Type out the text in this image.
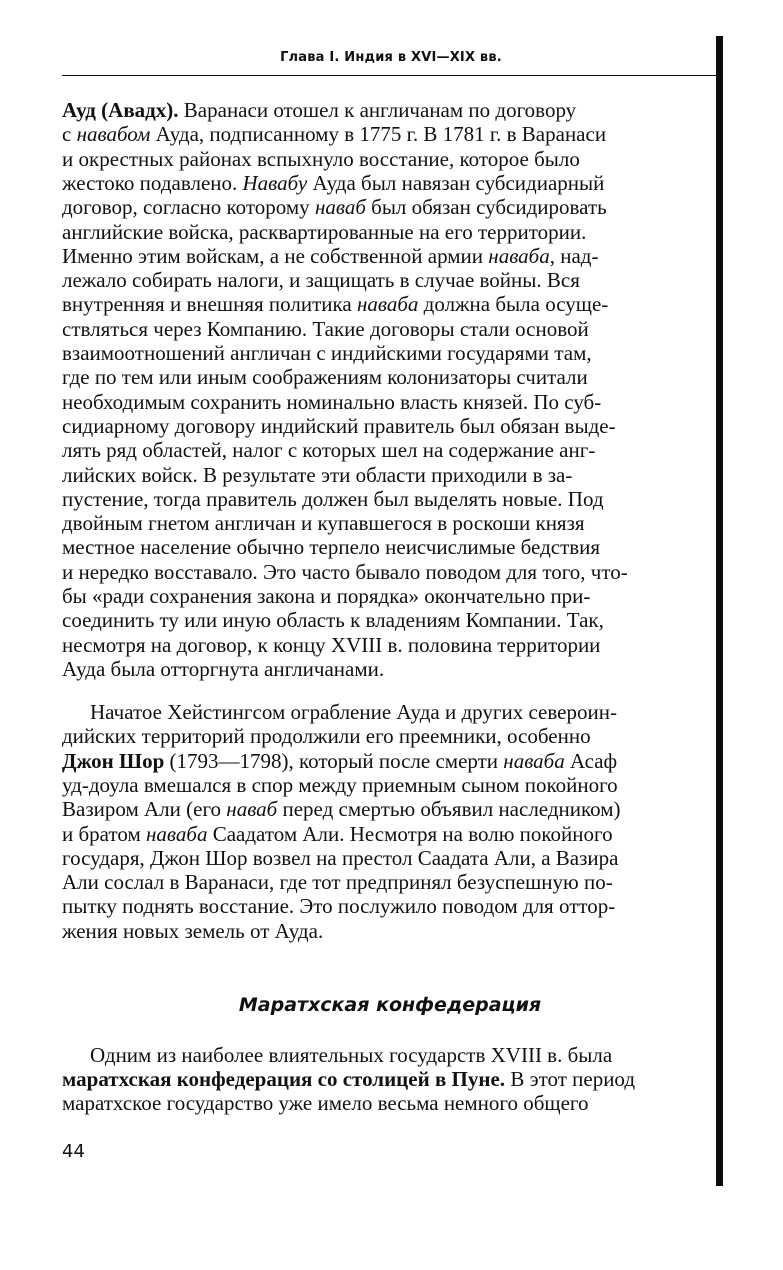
Глава I. Индия в XVI—XIX вв.
Ауд (Авадх). Варанаси отошел к англичанам по договору
с навабом Ауда, подписанному в 1775 г. В 1781 г. в Варанаси
и окрестных районах вспыхнуло восстание, которое было
жестоко подавлено. Навабу Ауда был навязан субсидиарный
договор, согласно которому наваб был обязан субсидировать
английские войска, расквартированные на его территории.
Именно этим войскам, а не собственной армии наваба, над-
лежало собирать налоги, и защищать в случае войны. Вся
внутренняя и внешняя политика наваба должна была осуще-
ствляться через Компанию. Такие договоры стали основой
взаимоотношений англичан с индийскими государями там,
где по тем или иным соображениям колонизаторы считали
необходимым сохранить номинально власть князей. По суб-
сидиарному договору индийский правитель был обязан выде-
лять ряд областей, налог с которых шел на содержание анг-
лийских войск. В результате эти области приходили в за-
пустение, тогда правитель должен был выделять новые. Под
двойным гнетом англичан и купавшегося в роскоши князя
местное население обычно терпело неисчислимые бедствия
и нередко восставало. Это часто бывало поводом для того, что-
бы «ради сохранения закона и порядка» окончательно при-
соединить ту или иную область к владениям Компании. Так,
несмотря на договор, к концу XVIII в. половина территории
Ауда была отторгнута англичанами.
Начатое Хейстингсом ограбление Ауда и других североин-
дийских территорий продолжили его преемники, особенно
Джон Шор (1793—1798), который после смерти наваба Асаф
уд-доула вмешался в спор между приемным сыном покойного
Вазиром Али (его наваб перед смертью объявил наследником)
и братом наваба Саадатом Али. Несмотря на волю покойного
государя, Джон Шор возвел на престол Саадата Али, а Вазира
Али сослал в Варанаси, где тот предпринял безуспешную по-
пытку поднять восстание. Это послужило поводом для оттор-
жения новых земель от Ауда.
Одним из наиболее влиятельных государств XVIII в. была
маратхская конфедерация со столицей в Пуне. В этот период
маратхское государство уже имело весьма немного общего
Маратхская конфедерация
44
